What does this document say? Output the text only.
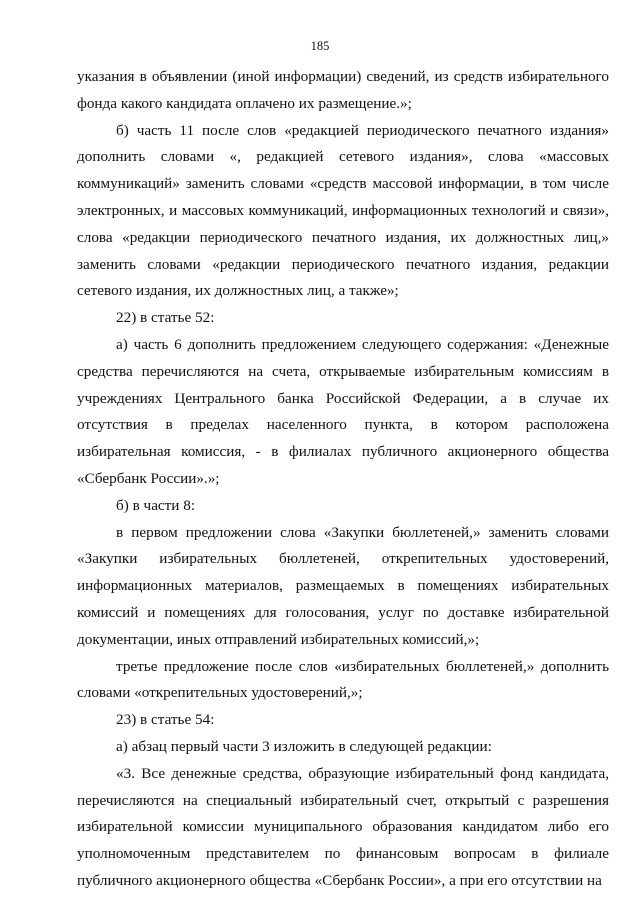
185

указания в объявлении (иной информации) сведений, из средств избирательного фонда какого кандидата оплачено их размещение.»;

б) часть 11 после слов «редакцией периодического печатного издания» дополнить словами «, редакцией сетевого издания», слова «массовых коммуникаций» заменить словами «средств массовой информации, в том числе электронных, и массовых коммуникаций, информационных технологий и связи», слова «редакции периодического печатного издания, их должностных лиц,» заменить словами «редакции периодического печатного издания, редакции сетевого издания, их должностных лиц, а также»;

22) в статье 52:

а) часть 6 дополнить предложением следующего содержания: «Денежные средства перечисляются на счета, открываемые избирательным комиссиям в учреждениях Центрального банка Российской Федерации, а в случае их отсутствия в пределах населенного пункта, в котором расположена избирательная комиссия, - в филиалах публичного акционерного общества «Сбербанк России».»;

б) в части 8:

в первом предложении слова «Закупки бюллетеней,» заменить словами «Закупки избирательных бюллетеней, открепительных удостоверений, информационных материалов, размещаемых в помещениях избирательных комиссий и помещениях для голосования, услуг по доставке избирательной документации, иных отправлений избирательных комиссий,»;

третье предложение после слов «избирательных бюллетеней,» дополнить словами «открепительных удостоверений,»;

23) в статье 54:

а) абзац первый части 3 изложить в следующей редакции:

«3. Все денежные средства, образующие избирательный фонд кандидата, перечисляются на специальный избирательный счет, открытый с разрешения избирательной комиссии муниципального образования кандидатом либо его уполномоченным представителем по финансовым вопросам в филиале публичного акционерного общества «Сбербанк России», а при его отсутствии на
